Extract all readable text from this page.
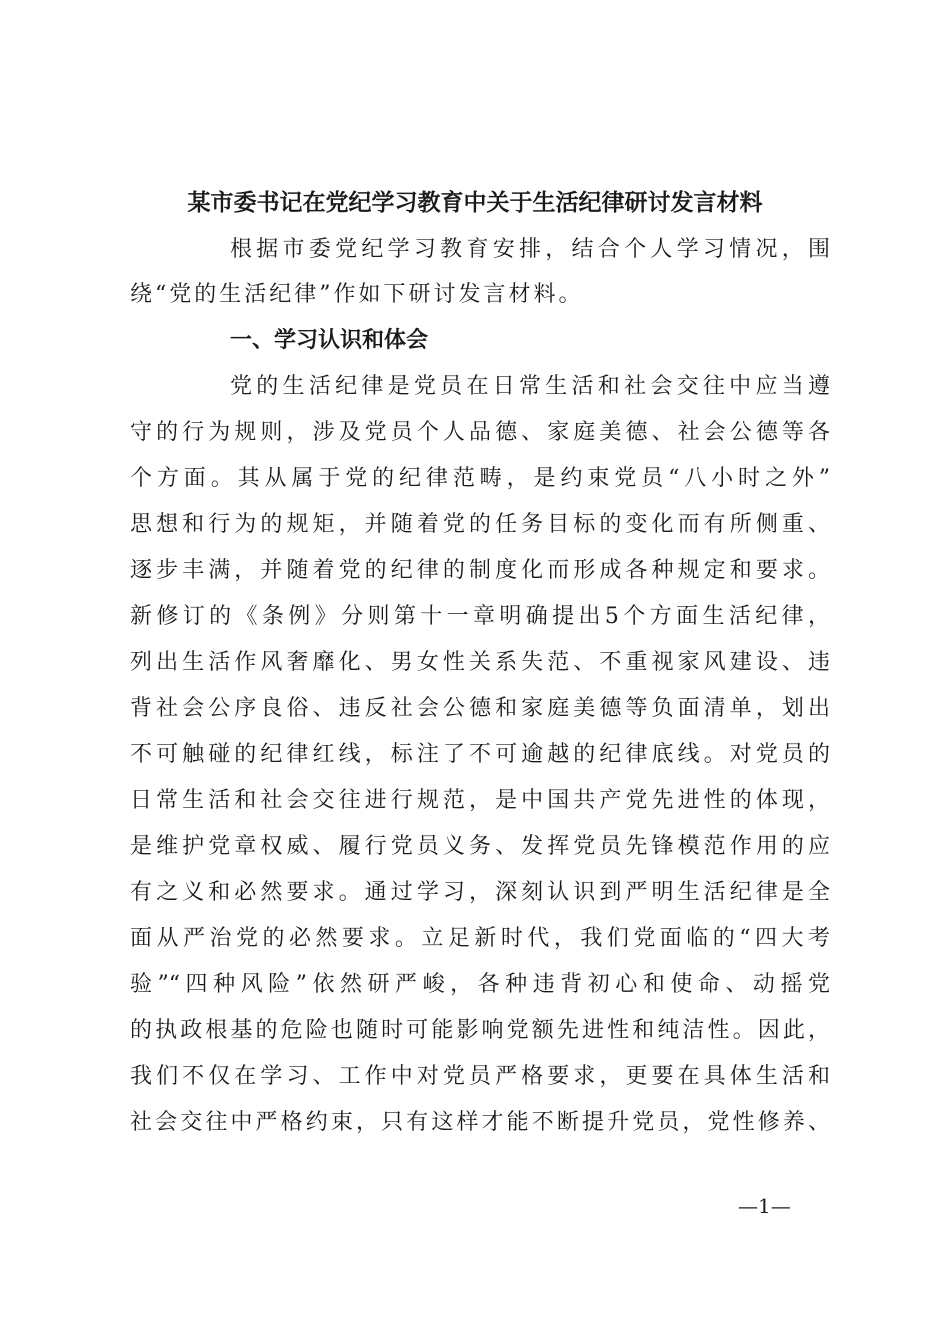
某市委书记在党纪学习教育中关于生活纪律研讨发言材料
根据市委党纪学习教育安排，结合个人学习情况，围
绕“党的生活纪律”作如下研讨发言材料。
一、学习认识和体会
党的生活纪律是党员在日常生活和社会交往中应当遵
守的行为规则，涉及党员个人品德、家庭美德、社会公德等各
个方面。其从属于党的纪律范畴，是约束党员“八小时之外”
思想和行为的规矩，并随着党的任务目标的变化而有所侧重、
逐步丰满，并随着党的纪律的制度化而形成各种规定和要求。
新修订的《条例》分则第十一章明确提出5个方面生活纪律，
列出生活作风奢靡化、男女性关系失范、不重视家风建设、违
背社会公序良俗、违反社会公德和家庭美德等负面清单，划出
不可触碰的纪律红线，标注了不可逾越的纪律底线。对党员的
日常生活和社会交往进行规范，是中国共产党先进性的体现，
是维护党章权威、履行党员义务、发挥党员先锋模范作用的应
有之义和必然要求。通过学习，深刻认识到严明生活纪律是全
面从严治党的必然要求。立足新时代，我们党面临的“四大考
验”“四种风险”依然研严峻，各种违背初心和使命、动摇党
的执政根基的危险也随时可能影响党额先进性和纯洁性。因此，
我们不仅在学习、工作中对党员严格要求，更要在具体生活和
社会交往中严格约束，只有这样才能不断提升党员，党性修养、
—1—
